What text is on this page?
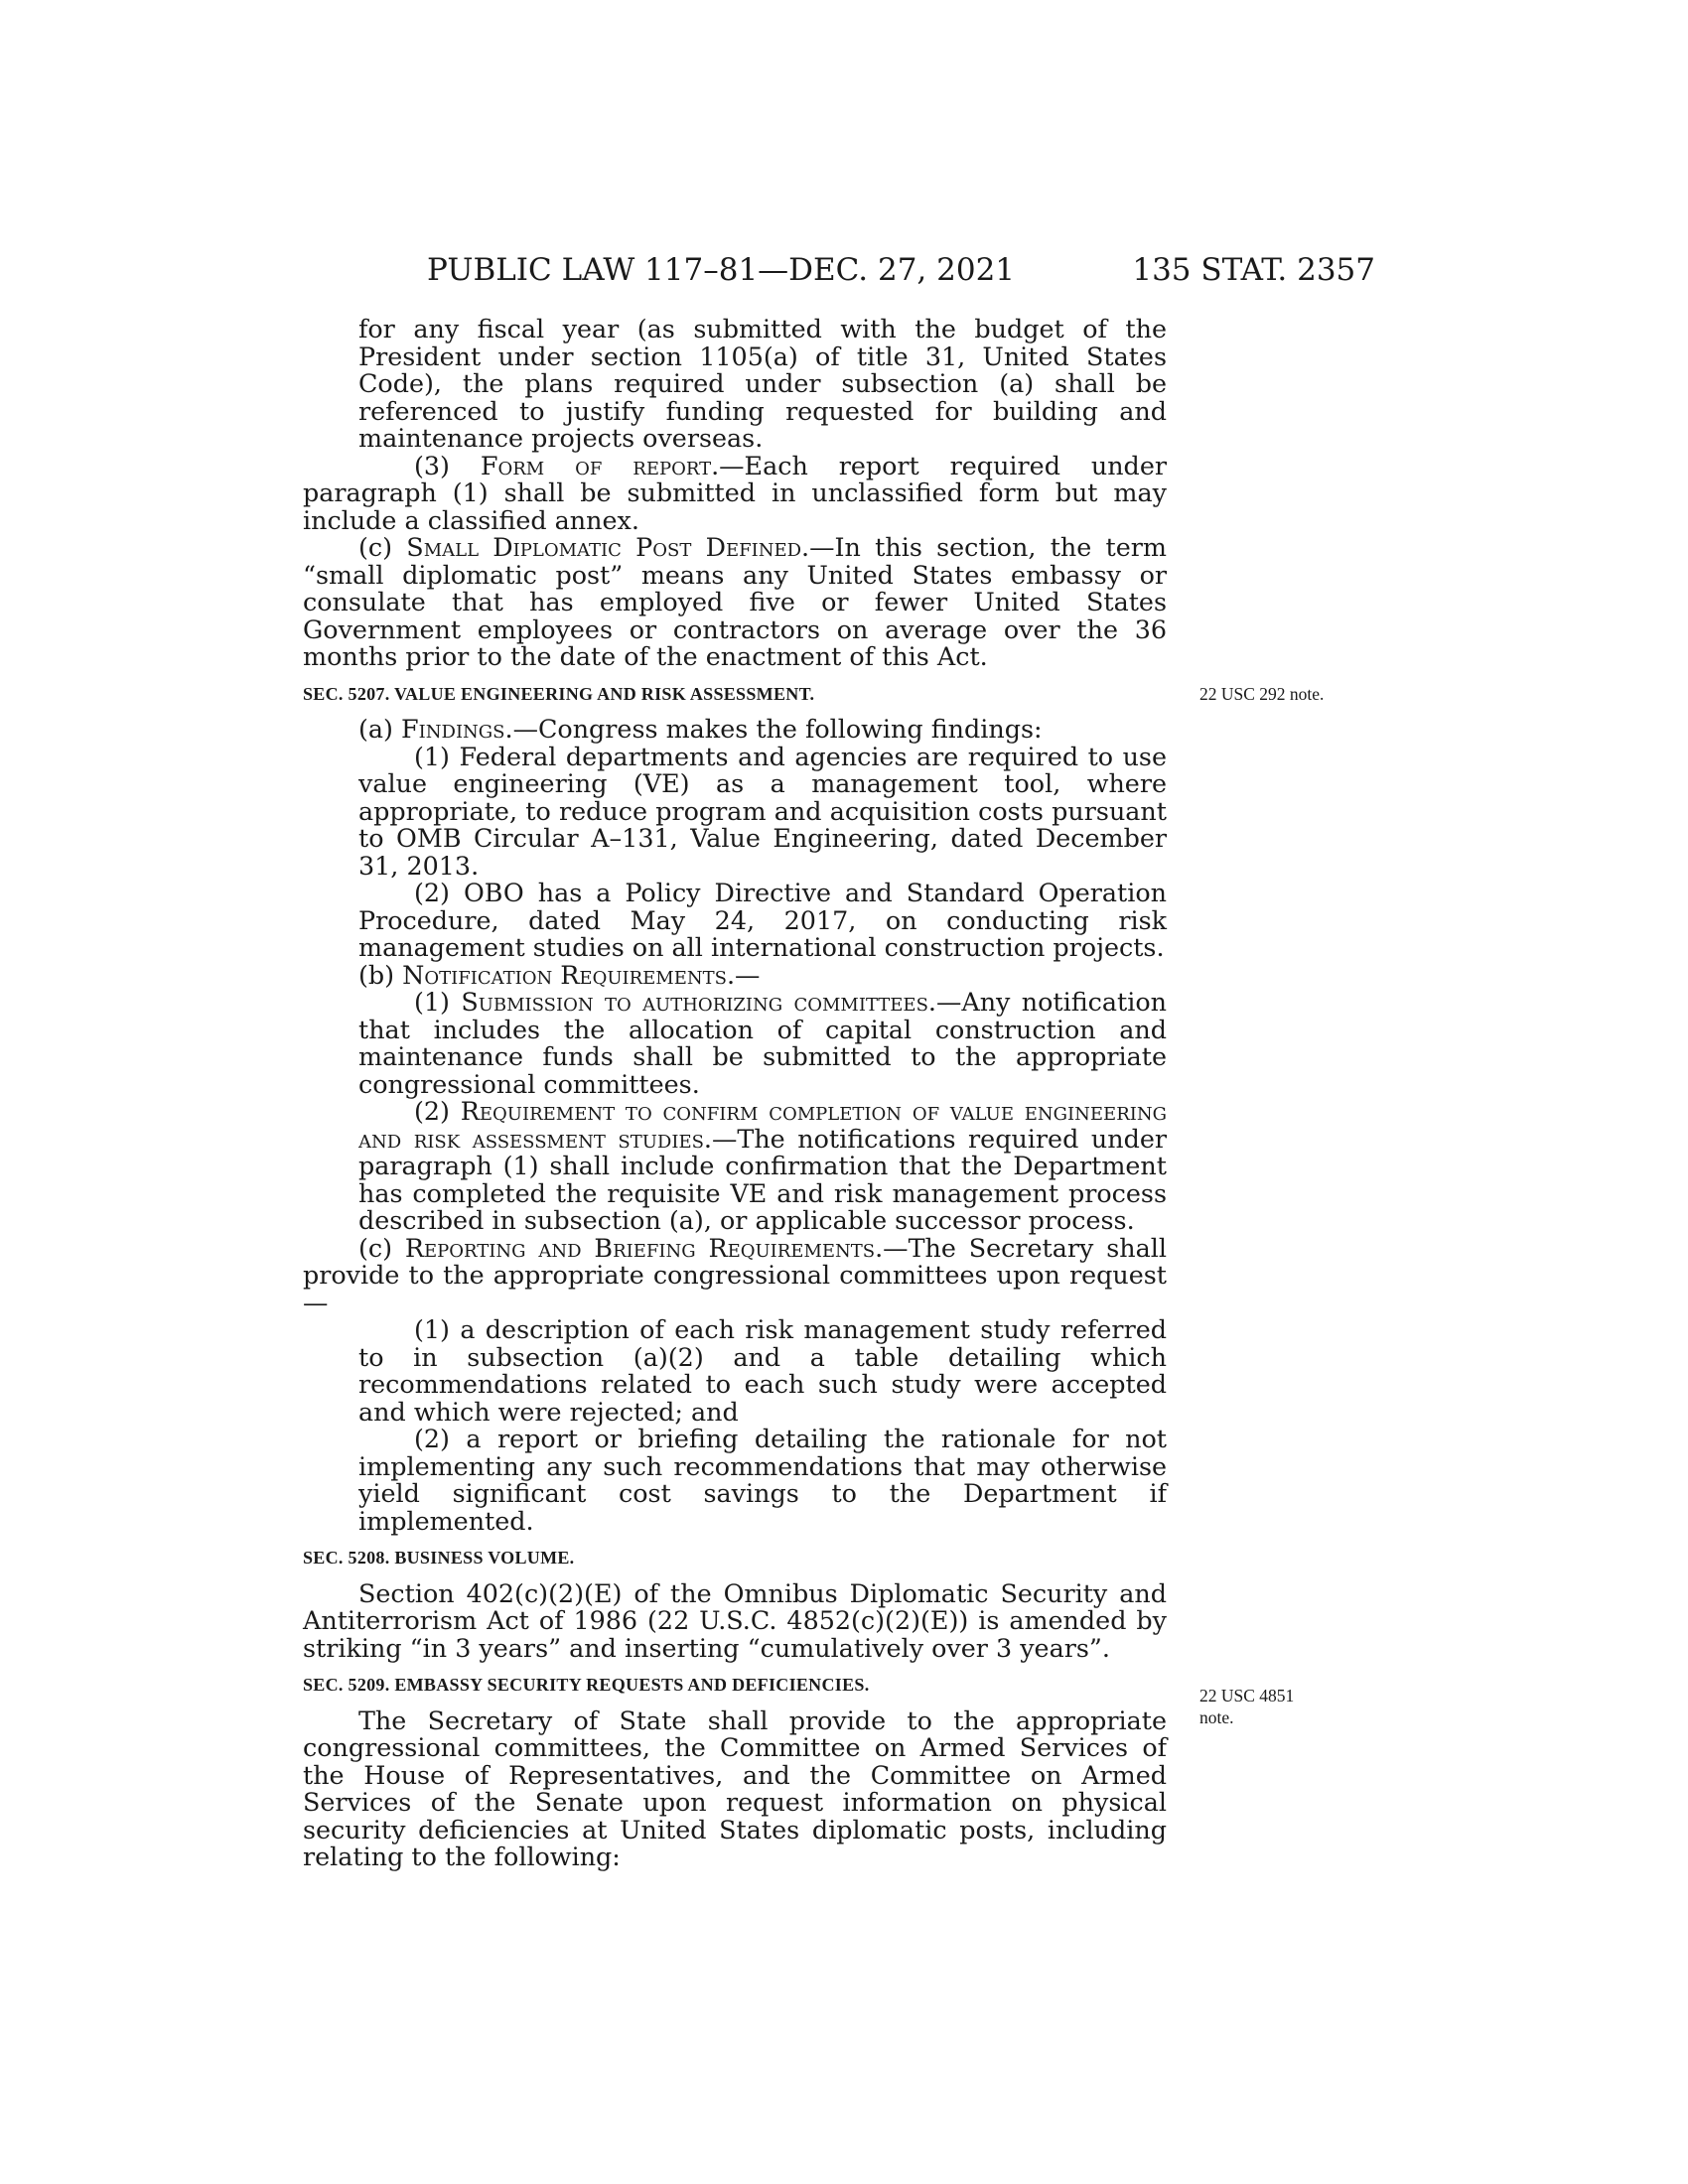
PUBLIC LAW 117–81—DEC. 27, 2021	135 STAT. 2357

for any fiscal year (as submitted with the budget of the President under section 1105(a) of title 31, United States Code), the plans required under subsection (a) shall be referenced to justify funding requested for building and maintenance projects overseas.

(3) Form of report.—Each report required under paragraph (1) shall be submitted in unclassified form but may include a classified annex.

(c) Small Diplomatic Post Defined.—In this section, the term “small diplomatic post” means any United States embassy or consulate that has employed five or fewer United States Government employees or contractors on average over the 36 months prior to the date of the enactment of this Act.

SEC. 5207. VALUE ENGINEERING AND RISK ASSESSMENT.

(a) Findings.—Congress makes the following findings:

(1) Federal departments and agencies are required to use value engineering (VE) as a management tool, where appropriate, to reduce program and acquisition costs pursuant to OMB Circular A–131, Value Engineering, dated December 31, 2013.

(2) OBO has a Policy Directive and Standard Operation Procedure, dated May 24, 2017, on conducting risk management studies on all international construction projects.

(b) Notification Requirements.—

(1) Submission to authorizing committees.—Any notification that includes the allocation of capital construction and maintenance funds shall be submitted to the appropriate congressional committees.

(2) Requirement to confirm completion of value engineering and risk assessment studies.—The notifications required under paragraph (1) shall include confirmation that the Department has completed the requisite VE and risk management process described in subsection (a), or applicable successor process.

(c) Reporting and Briefing Requirements.—The Secretary shall provide to the appropriate congressional committees upon request—

(1) a description of each risk management study referred to in subsection (a)(2) and a table detailing which recommendations related to each such study were accepted and which were rejected; and

(2) a report or briefing detailing the rationale for not implementing any such recommendations that may otherwise yield significant cost savings to the Department if implemented.

SEC. 5208. BUSINESS VOLUME.

Section 402(c)(2)(E) of the Omnibus Diplomatic Security and Antiterrorism Act of 1986 (22 U.S.C. 4852(c)(2)(E)) is amended by striking “in 3 years” and inserting “cumulatively over 3 years”.

SEC. 5209. EMBASSY SECURITY REQUESTS AND DEFICIENCIES.

The Secretary of State shall provide to the appropriate congressional committees, the Committee on Armed Services of the House of Representatives, and the Committee on Armed Services of the Senate upon request information on physical security deficiencies at United States diplomatic posts, including relating to the following:

22 USC 292 note.
22 USC 4851
note.
